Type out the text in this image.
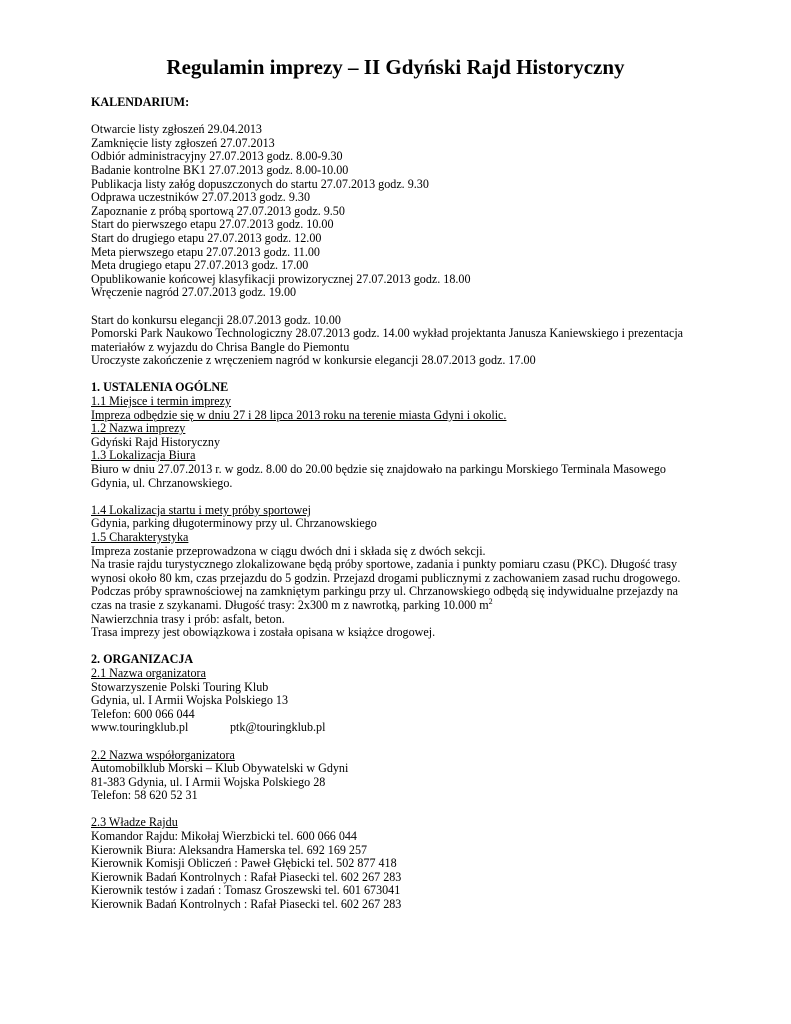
Regulamin imprezy – II Gdyński Rajd Historyczny
KALENDARIUM:
Otwarcie listy zgłoszeń 29.04.2013
Zamknięcie listy zgłoszeń 27.07.2013
Odbiór administracyjny 27.07.2013 godz. 8.00-9.30
Badanie kontrolne BK1 27.07.2013 godz. 8.00-10.00
Publikacja listy załóg dopuszczonych do startu 27.07.2013 godz. 9.30
Odprawa uczestników 27.07.2013 godz. 9.30
Zapoznanie z próbą sportową 27.07.2013 godz. 9.50
Start do pierwszego etapu 27.07.2013 godz. 10.00
Start do drugiego etapu 27.07.2013 godz. 12.00
Meta pierwszego etapu 27.07.2013 godz. 11.00
Meta drugiego etapu 27.07.2013 godz. 17.00
Opublikowanie końcowej klasyfikacji prowizorycznej 27.07.2013 godz. 18.00
Wręczenie nagród 27.07.2013 godz. 19.00
Start do konkursu elegancji 28.07.2013 godz. 10.00
Pomorski Park Naukowo Technologiczny 28.07.2013 godz. 14.00 wykład projektanta Janusza Kaniewskiego i prezentacja
materiałów z wyjazdu do Chrisa Bangle do Piemontu
Uroczyste zakończenie z wręczeniem nagród w konkursie elegancji 28.07.2013 godz. 17.00
1. USTALENIA OGÓLNE
1.1 Miejsce i termin imprezy
Impreza odbędzie się w dniu 27 i 28 lipca 2013 roku na terenie miasta Gdyni i okolic.
1.2 Nazwa imprezy
Gdyński Rajd Historyczny
1.3 Lokalizacja Biura
Biuro w dniu 27.07.2013 r. w godz. 8.00 do 20.00 będzie się znajdowało na parkingu Morskiego Terminala Masowego
Gdynia, ul. Chrzanowskiego.
1.4 Lokalizacja startu i mety próby sportowej
Gdynia, parking długoterminowy przy ul. Chrzanowskiego
1.5 Charakterystyka
Impreza zostanie przeprowadzona w ciągu dwóch dni i składa się z dwóch sekcji.
Na trasie rajdu turystycznego zlokalizowane będą próby sportowe, zadania i punkty pomiaru czasu (PKC). Długość trasy
wynosi około 80 km, czas przejazdu do 5 godzin. Przejazd drogami publicznymi z zachowaniem zasad ruchu drogowego.
Podczas próby sprawnościowej na zamkniętym parkingu przy ul. Chrzanowskiego odbędą się indywidualne przejazdy na
czas na trasie z szykanami. Długość trasy: 2x300 m z nawrotką, parking 10.000 $m^2$
Nawierzchnia trasy i prób: asfalt, beton.
Trasa imprezy jest obowiązkowa i została opisana w książce drogowej.
2. ORGANIZACJA
2.1 Nazwa organizatora
Stowarzyszenie Polski Touring Klub
Gdynia, ul. I Armii Wojska Polskiego 13
Telefon: 600 066 044
www.touringklub.pl	ptk@touringklub.pl
2.2 Nazwa współorganizatora
Automobilklub Morski – Klub Obywatelski w Gdyni
81-383 Gdynia, ul. I Armii Wojska Polskiego 28
Telefon: 58 620 52 31
2.3 Władze Rajdu
Komandor Rajdu: Mikołaj Wierzbicki tel. 600 066 044
Kierownik Biura: Aleksandra Hamerska tel. 692 169 257
Kierownik Komisji Obliczeń : Paweł Głębicki tel. 502 877 418
Kierownik Badań Kontrolnych : Rafał Piasecki tel. 602 267 283
Kierownik testów i zadań : Tomasz Groszewski tel. 601 673041
Kierownik Badań Kontrolnych : Rafał Piasecki tel. 602 267 283
